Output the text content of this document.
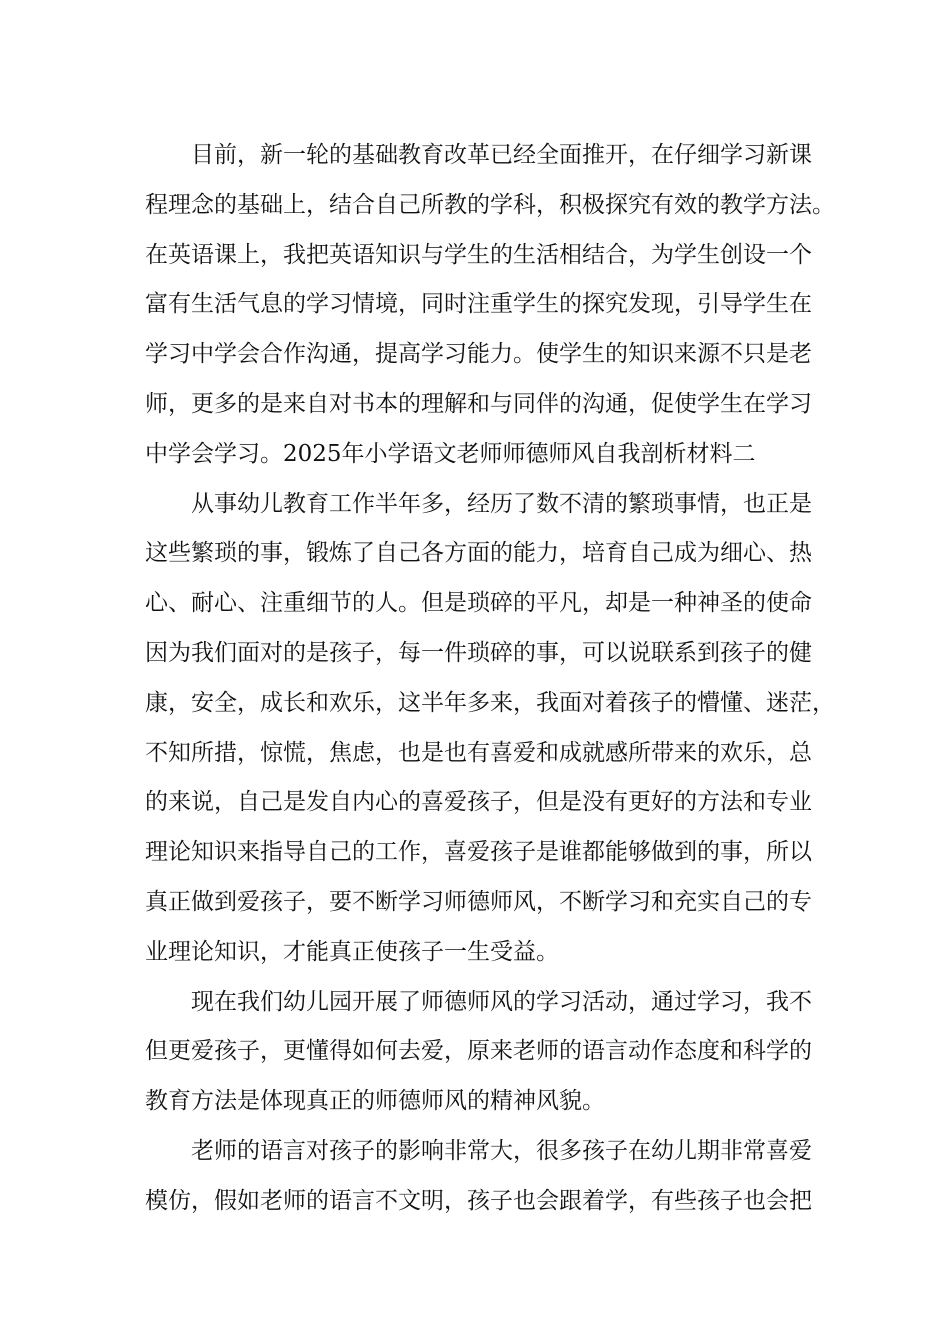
目前，新一轮的基础教育改革已经全面推开，在仔细学习新课
程理念的基础上，结合自己所教的学科，积极探究有效的教学方法。
在英语课上，我把英语知识与学生的生活相结合，为学生创设一个
富有生活气息的学习情境，同时注重学生的探究发现，引导学生在
学习中学会合作沟通，提高学习能力。使学生的知识来源不只是老
师，更多的是来自对书本的理解和与同伴的沟通，促使学生在学习
中学会学习。2025年小学语文老师师德师风自我剖析材料二
从事幼儿教育工作半年多，经历了数不清的繁琐事情，也正是
这些繁琐的事，锻炼了自己各方面的能力，培育自己成为细心、热
心、耐心、注重细节的人。但是琐碎的平凡，却是一种神圣的使命
因为我们面对的是孩子，每一件琐碎的事，可以说联系到孩子的健
康，安全，成长和欢乐，这半年多来，我面对着孩子的懵懂、迷茫，
不知所措，惊慌，焦虑，也是也有喜爱和成就感所带来的欢乐，总
的来说，自己是发自内心的喜爱孩子，但是没有更好的方法和专业
理论知识来指导自己的工作，喜爱孩子是谁都能够做到的事，所以
真正做到爱孩子，要不断学习师德师风，不断学习和充实自己的专
业理论知识，才能真正使孩子一生受益。
现在我们幼儿园开展了师德师风的学习活动，通过学习，我不
但更爱孩子，更懂得如何去爱，原来老师的语言动作态度和科学的
教育方法是体现真正的师德师风的精神风貌。
老师的语言对孩子的影响非常大，很多孩子在幼儿期非常喜爱
模仿，假如老师的语言不文明，孩子也会跟着学，有些孩子也会把
